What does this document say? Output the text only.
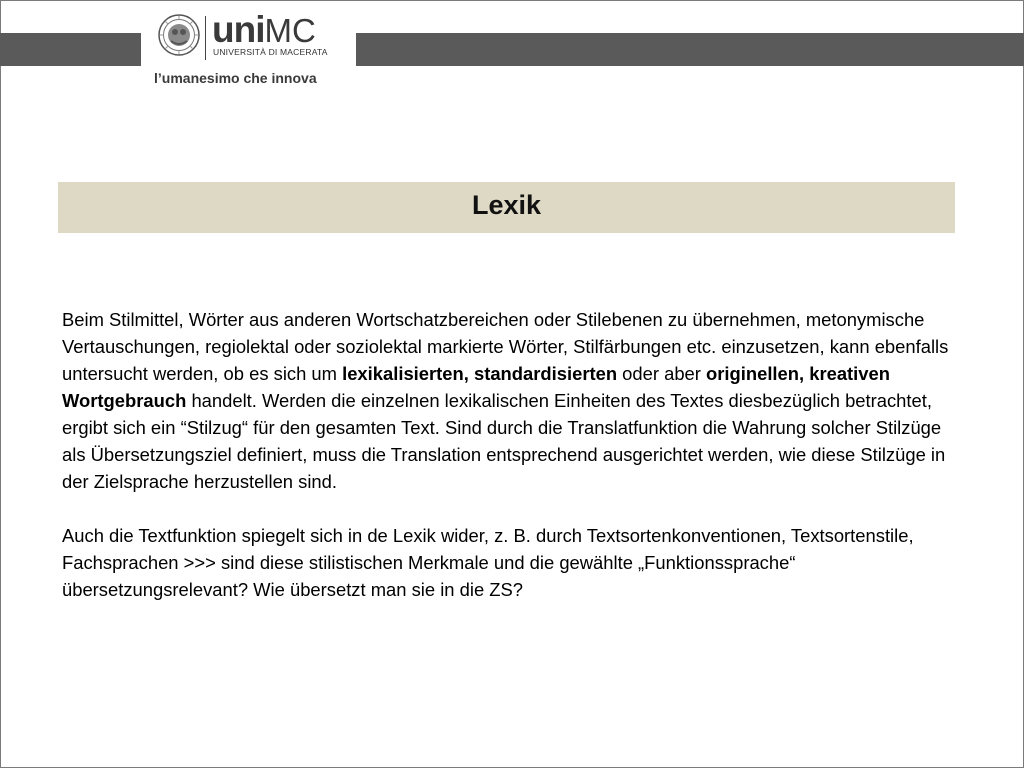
uniMC
UNIVERSITÀ DI MACERATA
l’umanesimo che innova
Lexik

Beim Stilmittel, Wörter aus anderen Wortschatzbereichen oder Stilebenen zu übernehmen, metonymische Vertauschungen, regiolektal oder soziolektal markierte Wörter, Stilfärbungen etc. einzusetzen, kann ebenfalls untersucht werden, ob es sich um lexikalisierten, standardisierten oder aber originellen, kreativen Wortgebrauch handelt. Werden die einzelnen lexikalischen Einheiten des Textes diesbezüglich betrachtet, ergibt sich ein “Stilzug“ für den gesamten Text. Sind durch die Translatfunktion die Wahrung solcher Stilzüge als Übersetzungsziel definiert, muss die Translation entsprechend ausgerichtet werden, wie diese Stilzüge in der Zielsprache herzustellen sind.

Auch die Textfunktion spiegelt sich in de Lexik wider, z. B. durch Textsortenkonventionen, Textsortenstile, Fachsprachen >>> sind diese stilistischen Merkmale und die gewählte „Funktionssprache“ übersetzungsrelevant? Wie übersetzt man sie in die ZS?
